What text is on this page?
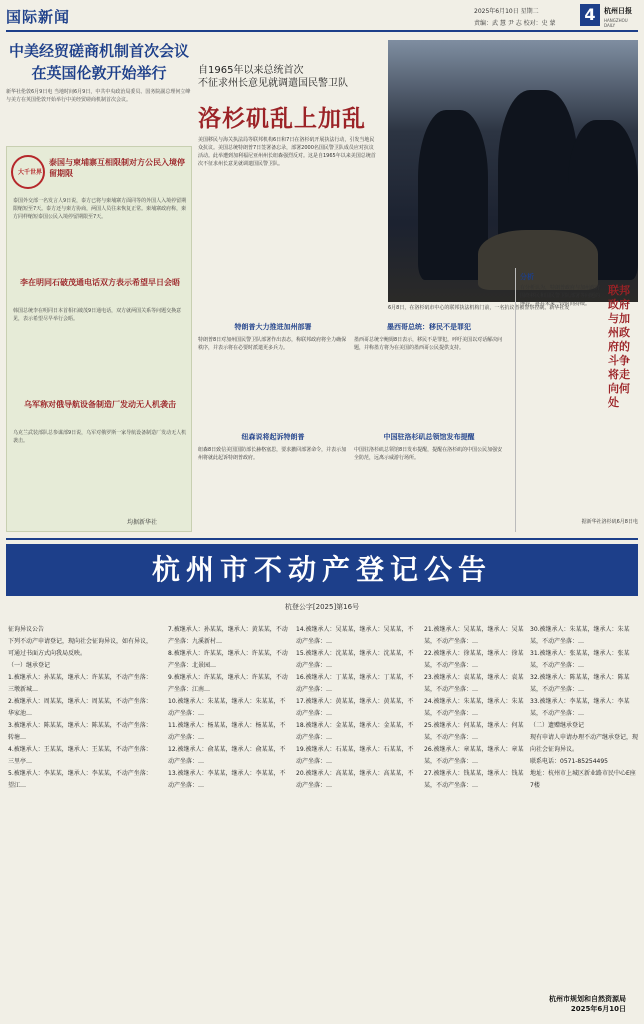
国际新闻	2025年6月10日 星期二
责编：武 慧 尹 志 校对：史 蒙 4	杭州日报
HANGZHOU DAILY
中美经贸磋商机制首次会议
在英国伦敦开始举行
新华社伦敦6月9日电 当地时间6月9日，中共中央政治局委员、国务院副总理何立峰与美方在英国伦敦开始举行中美经贸磋商机制首次会议。
大千世界
泰国与柬埔寨互相限制对方公民入境停留期限
泰国外交部一名发言人9日说，泰方已将与柬埔寨方面同等的外国人入境停留期限缩短至7天。泰方还与柬方协商，两国人员往来恢复正常。柬埔寨政府称，柬方同样缩短泰国公民入境停留期限至7天。
李在明同石破茂通电话双方表示希望早日会晤
韩国总统李在明同日本首相石破茂9日通电话，双方就两国关系等问题交换意见，表示希望尽早举行会晤。
乌军称对俄导航设备制造厂发动无人机袭击
乌克兰武装部队总参谋部9日说，乌军对俄罗斯一家导航设备制造厂发动无人机袭击。
均据新华社
自1965年以来总统首次
不征求州长意见就调遣国民警卫队
洛杉矶乱上加乱
美国移民与海关执法局等联邦机构6日和7日在洛杉矶开展执法行动，引发当地民众抗议。美国总统特朗普7日签署备忘录，部署2000名国民警卫队成员应对抗议活动。此举遭到加利福尼亚州州长纽森强烈反对。这是自1965年以来美国总统首次不征求州长意见就调遣国民警卫队。
6月8日，在洛杉矶市中心的联邦执法机构门前，一名抗议者被警察控制。新华社发
特朗普大力推进加州部署
特朗普8日对加州国民警卫队部署作出表态，称联邦政府将全力确保秩序，并表示将在必要时派遣更多兵力。
纽森说将起诉特朗普
纽森8日致信美国国防部长赫格塞思，要求撤回部署命令，并表示加州将就此起诉特朗普政府。
墨西哥总统：移民不是罪犯
墨西哥总统辛鲍姆8日表示，移民不是罪犯，呼吁美国以对话解决问题，并称墨方将为在美国的墨西哥公民提供支持。
中国驻洛杉矶总领馆发布提醒
中国驻洛杉矶总领馆8日发布提醒，提醒在洛杉矶的中国公民加强安全防范，远离示威游行场所。
分析
联邦政府与加州政府的斗争将走向何处
有分析认为，特朗普政府与加州政府围绕移民和国民警卫队部署等问题的博弈，将在未来一段时间持续。
据新华社洛杉矶6月8日电
杭州市不动产登记公告
杭登公字[2025]第16号
征询异议公告
下列不动产申请登记，现向社会征询异议，如有异议，可通过书面方式向我局反映。
（一）继承登记
1.被继承人：孙某某，继承人：许某某，不动产坐落：三墩新城…
2.被继承人：周某某，继承人：周某某，不动产坐落：华家池…
3.被继承人：陈某某，继承人：陈某某，不动产坐落：转塘…
4.被继承人：王某某，继承人：王某某，不动产坐落：三里亭…
5.被继承人：李某某，继承人：李某某，不动产坐落：望江…
7.被继承人：孙某某，继承人：黄某某，不动产坐落：九溪新村…
8.被继承人：许某某，继承人：许某某，不动产坐落：北景园…
9.被继承人：许某某，继承人：许某某，不动产坐落：江南…
10.被继承人：朱某某，继承人：朱某某，不动产坐落：…
11.被继承人：杨某某，继承人：杨某某，不动产坐落：…
12.被继承人：俞某某，继承人：俞某某，不动产坐落：…
13.被继承人：李某某，继承人：李某某，不动产坐落：…
14.被继承人：吴某某，继承人：吴某某，不动产坐落：…
15.被继承人：沈某某，继承人：沈某某，不动产坐落：…
16.被继承人：丁某某，继承人：丁某某，不动产坐落：…
17.被继承人：黄某某，继承人：黄某某，不动产坐落：…
18.被继承人：金某某，继承人：金某某，不动产坐落：…
19.被继承人：石某某，继承人：石某某，不动产坐落：…
20.被继承人：高某某，继承人：高某某，不动产坐落：…
21.被继承人：吴某某，继承人：吴某某，不动产坐落：…
22.被继承人：徐某某，继承人：徐某某，不动产坐落：…
23.被继承人：袁某某，继承人：袁某某，不动产坐落：…
24.被继承人：朱某某，继承人：朱某某，不动产坐落：…
25.被继承人：何某某，继承人：何某某，不动产坐落：…
26.被继承人：章某某，继承人：章某某，不动产坐落：…
27.被继承人：钱某某，继承人：钱某某，不动产坐落：…
30.被继承人：朱某某，继承人：朱某某，不动产坐落：…
31.被继承人：张某某，继承人：张某某，不动产坐落：…
32.被继承人：陈某某，继承人：陈某某，不动产坐落：…
33.被继承人：李某某，继承人：李某某，不动产坐落：…
（二）遗赠继承登记
现有申请人申请办理不动产继承登记，现向社会征询异议。
联系电话：0571-85254495
地址：杭州市上城区新业路市民中心E座7楼
杭州市规划和自然资源局
2025年6月10日
